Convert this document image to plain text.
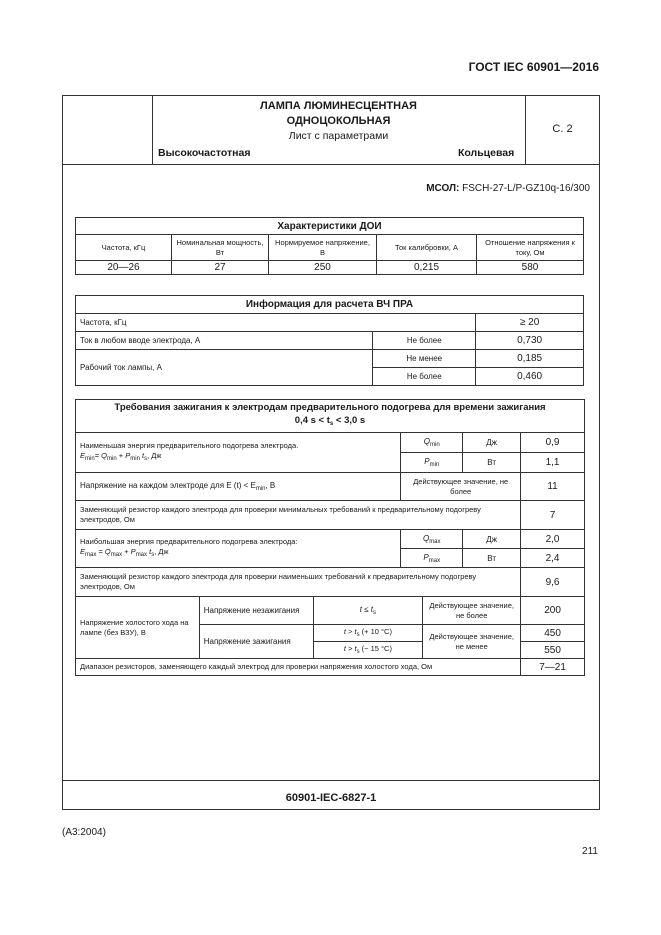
ГОСТ IEC 60901—2016
ЛАМПА ЛЮМИНЕСЦЕНТНАЯ
ОДНОЦОКОЛЬНАЯ
Лист с параметрами
Высокочастотная	Кольцевая
С. 2
МСОЛ: FSCH-27-L/P-GZ10q-16/300
Характеристики ДОИ				
Частота, кГц	Номинальная мощность, Вт	Нормируемое напряжение, В	Ток калибровки, А	Отношение напряжения к току, Ом
20—26	27	250	0,215	580
Информация для расчета ВЧ ПРА		
Частота, кГц		≥ 20
Ток в любом вводе электрода, А	Не более	0,730
Рабочий ток лампы, А	Не менее	0,185
	Не более	0,460
Требования зажигания к электродам предварительного подогрева для времени зажигания
0,4 $s < t_s < 3,0$ s						

Наименьшая энергия предварительного подогрева электрода.
$E_{min}= Q_{min} + P_{min}$ $t_s$, Дж			$Q_{min}$		Дж	0,9
			$P_{min}$		Вт	1,1
Напряжение на каждом электроде для E $(t) < E_{min}$, В			Действующее значение, не более			11
Заменяющий резистор каждого электрода для проверки минимальных требований к предварительному подогреву электродов, Ом						7

Наибольшая энергия предварительного подогрева электрода:
$E_{max} = Q_{max} + P_{max}$ $t_s$, Дж			$Q_{max}$		Дж	2,0
			$P_{max}$		Вт	2,4
Заменяющий резистор каждого электрода для проверки наименьших требований к предварительному подогреву электродов, Ом						9,6
Напряжение холостого хода на лампе (без ВЗУ), В	Напряжение незажигания	$t \le t_s$		Действующее значение, не более		200
	Напряжение зажигания	$t > t_s$ (+ 10 °C)		Действующее значение, не менее		450
		$t > t_s$ (− 15 °C)				550
Диапазон резисторов, заменяющего каждый электрод для проверки напряжения холостого хода, Ом						7—21
60901-IEC-6827-1
(A3:2004)
211
